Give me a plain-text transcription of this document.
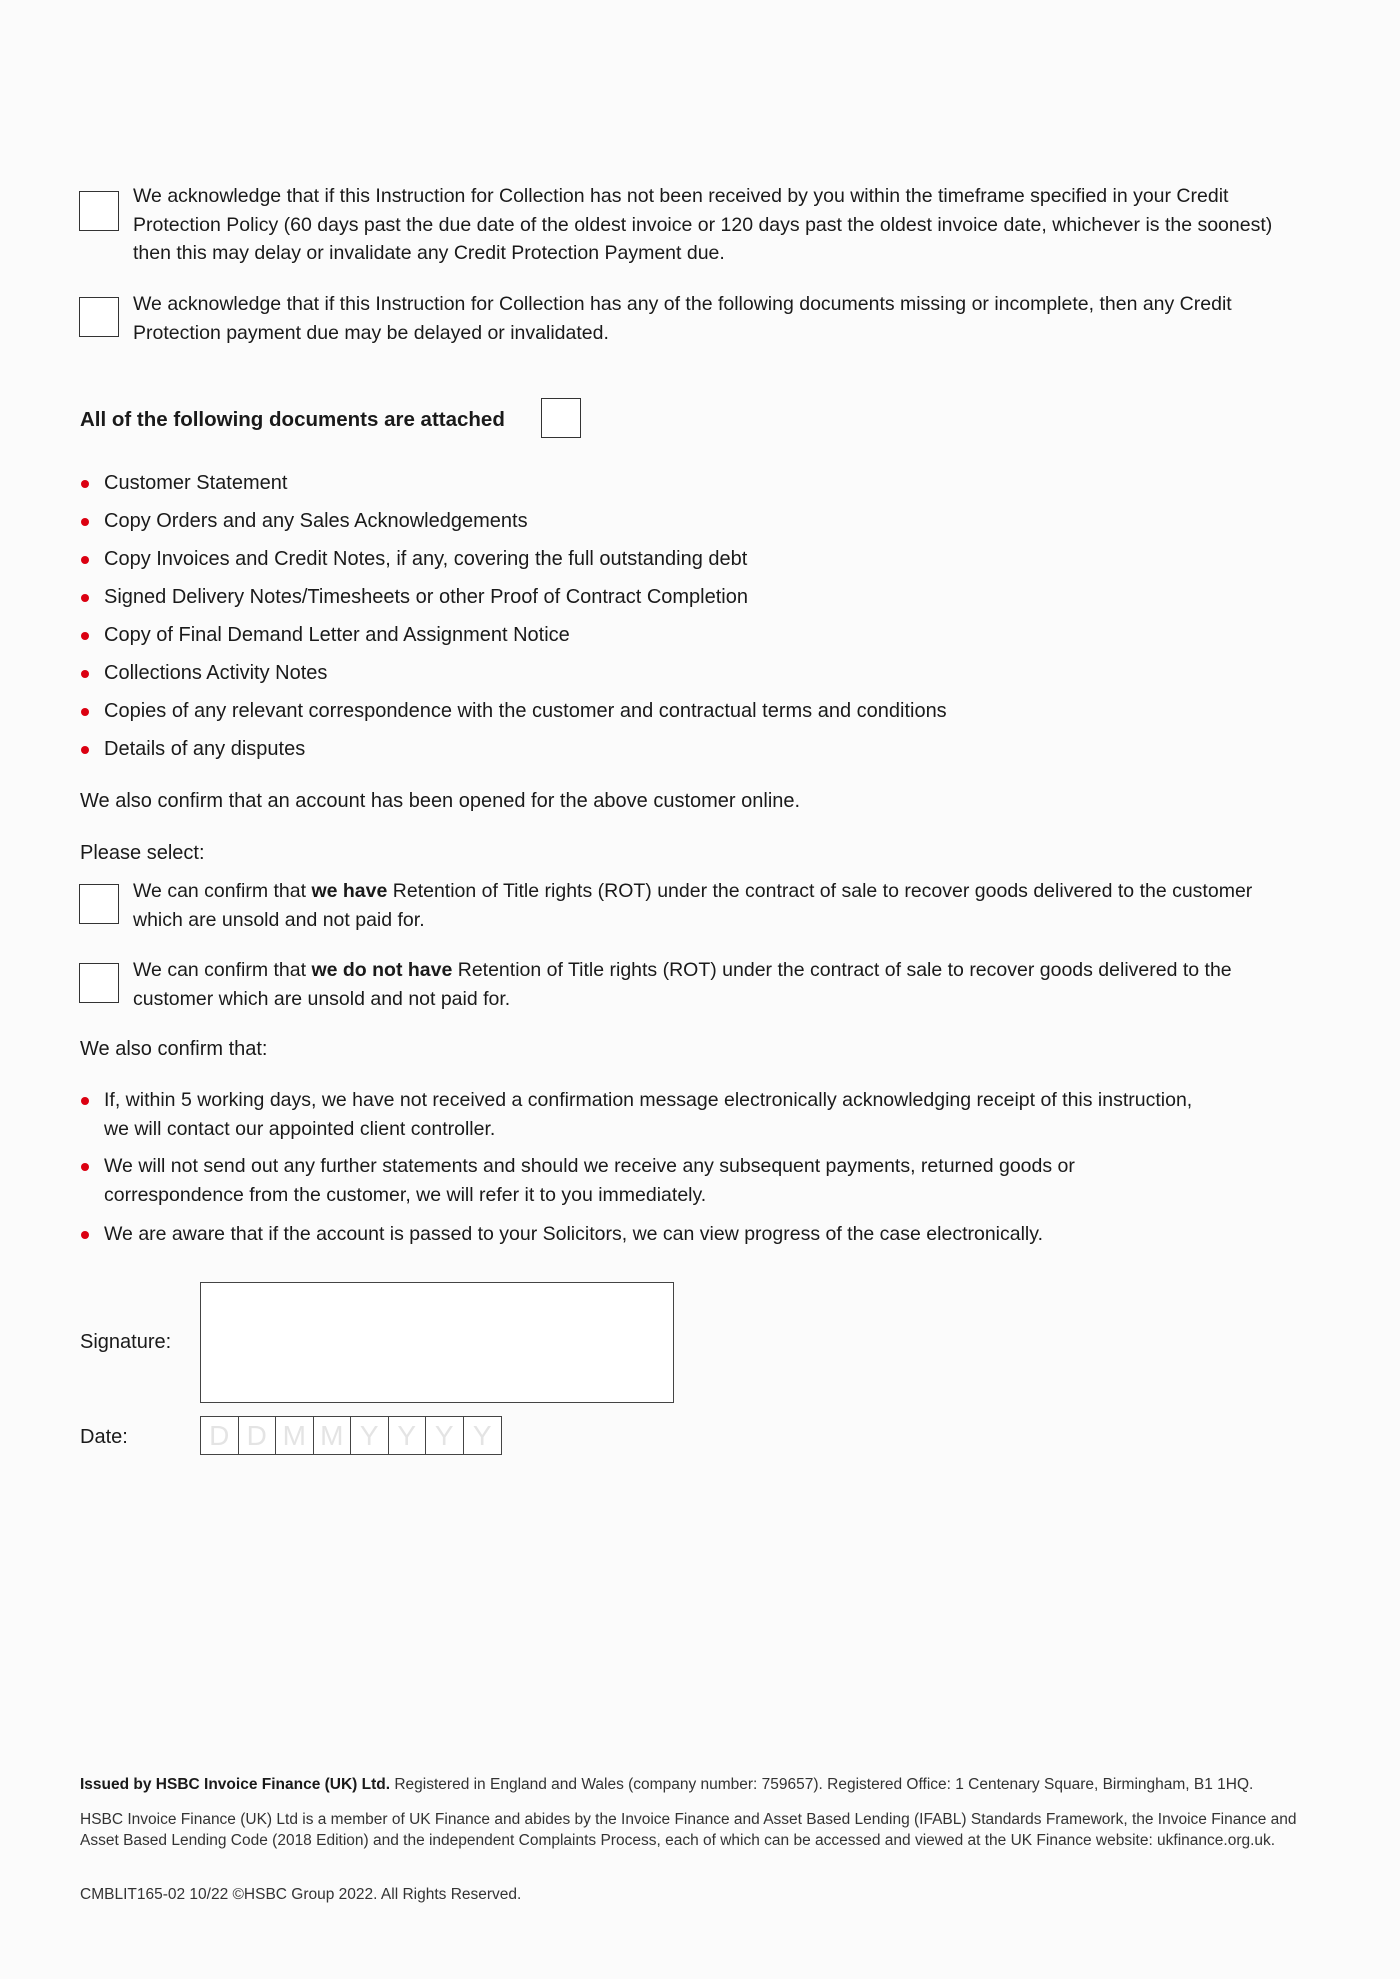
We acknowledge that if this Instruction for Collection has not been received by you within the timeframe specified in your Credit Protection Policy (60 days past the due date of the oldest invoice or 120 days past the oldest invoice date, whichever is the soonest) then this may delay or invalidate any Credit Protection Payment due.
We acknowledge that if this Instruction for Collection has any of the following documents missing or incomplete, then any Credit Protection payment due may be delayed or invalidated.
All of the following documents are attached
Customer Statement
Copy Orders and any Sales Acknowledgements
Copy Invoices and Credit Notes, if any, covering the full outstanding debt
Signed Delivery Notes/Timesheets or other Proof of Contract Completion
Copy of Final Demand Letter and Assignment Notice
Collections Activity Notes
Copies of any relevant correspondence with the customer and contractual terms and conditions
Details of any disputes
We also confirm that an account has been opened for the above customer online.
Please select:
We can confirm that we have Retention of Title rights (ROT) under the contract of sale to recover goods delivered to the customer which are unsold and not paid for.
We can confirm that we do not have Retention of Title rights (ROT) under the contract of sale to recover goods delivered to the customer which are unsold and not paid for.
We also confirm that:
If, within 5 working days, we have not received a confirmation message electronically acknowledging receipt of this instruction, we will contact our appointed client controller.
We will not send out any further statements and should we receive any subsequent payments, returned goods or correspondence from the customer, we will refer it to you immediately.
We are aware that if the account is passed to your Solicitors, we can view progress of the case electronically.
Signature:
Date:	D D M M Y Y Y Y
Issued by HSBC Invoice Finance (UK) Ltd. Registered in England and Wales (company number: 759657). Registered Office: 1 Centenary Square, Birmingham, B1 1HQ.
HSBC Invoice Finance (UK) Ltd is a member of UK Finance and abides by the Invoice Finance and Asset Based Lending (IFABL) Standards Framework, the Invoice Finance and Asset Based Lending Code (2018 Edition) and the independent Complaints Process, each of which can be accessed and viewed at the UK Finance website: ukfinance.org.uk.
CMBLIT165-02 10/22 ©HSBC Group 2022. All Rights Reserved.
